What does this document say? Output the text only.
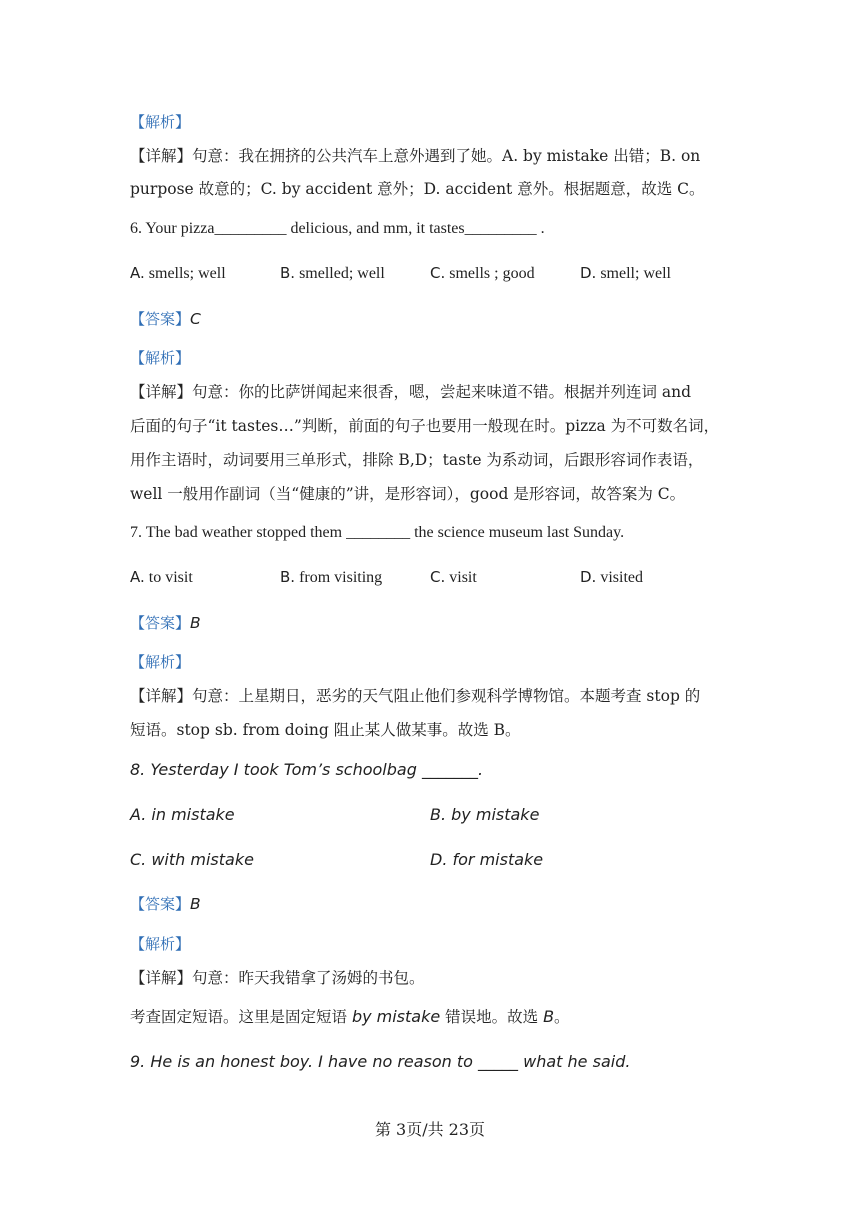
【解析】
【详解】句意：我在拥挤的公共汽车上意外遇到了她。A. by mistake 出错；B. on
purpose 故意的；C. by accident 意外；D. accident 意外。根据题意，故选 C。
6. Your pizza_________ delicious, and mm, it tastes_________ .
A. smells; well	B. smelled; well	C. smells ; good	D. smell; well
【答案】C
【解析】
【详解】句意：你的比萨饼闻起来很香，嗯，尝起来味道不错。根据并列连词 and
后面的句子“it tastes…”判断，前面的句子也要用一般现在时。pizza 为不可数名词，
用作主语时，动词要用三单形式，排除 B,D；taste 为系动词，后跟形容词作表语，
well 一般用作副词（当“健康的”讲，是形容词），good 是形容词，故答案为 C。
7. The bad weather stopped them ________ the science museum last Sunday.
A. to visit	B. from visiting	C. visit	D. visited
【答案】B
【解析】
【详解】句意：上星期日，恶劣的天气阻止他们参观科学博物馆。本题考查 stop 的
短语。stop sb. from doing 阻止某人做某事。故选 B。
8. Yesterday I took Tom’s schoolbag _______.
A. in mistake	B. by mistake
C. with mistake	D. for mistake
【答案】B
【解析】
【详解】句意：昨天我错拿了汤姆的书包。
考查固定短语。这里是固定短语 by mistake 错误地。故选 B。
9. He is an honest boy. I have no reason to _____ what he said.
第 3页/共 23页
